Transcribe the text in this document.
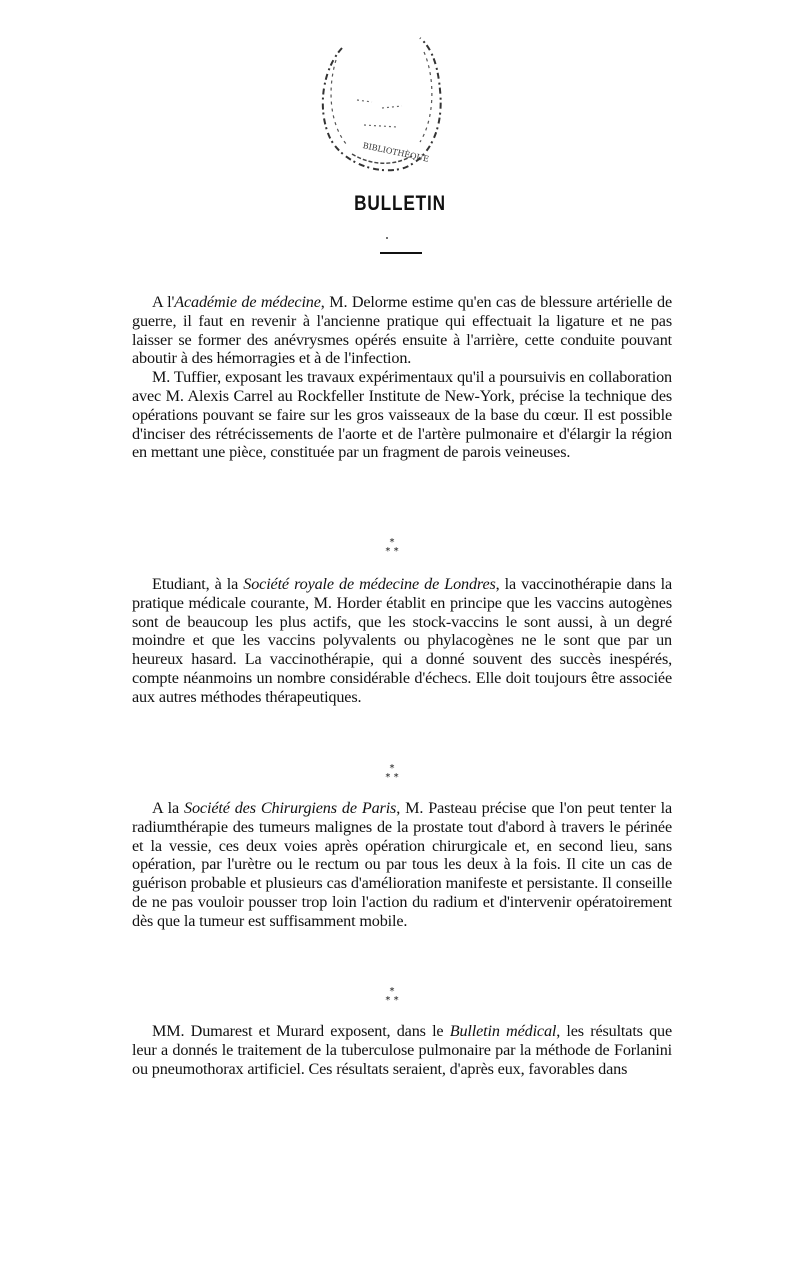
BIBLIOTHÈQUE
BULLETIN

A l'Académie de médecine, M. Delorme estime qu'en cas de blessure artérielle de guerre, il faut en revenir à l'ancienne pratique qui effectuait la ligature et ne pas laisser se former des anévrysmes opérés ensuite à l'arrière, cette conduite pouvant aboutir à des hémorragies et à de l'infection.

M. Tuffier, exposant les travaux expérimentaux qu'il a poursuivis en collaboration avec M. Alexis Carrel au Rockfeller Institute de New-York, précise la technique des opérations pouvant se faire sur les gros vaisseaux de la base du cœur. Il est possible d'inciser des rétrécissements de l'aorte et de l'artère pulmonaire et d'élargir la région en mettant une pièce, constituée par un fragment de parois veineuses.

*
* *

Etudiant, à la Société royale de médecine de Londres, la vaccinothérapie dans la pratique médicale courante, M. Horder établit en principe que les vaccins autogènes sont de beaucoup les plus actifs, que les stock-vaccins le sont aussi, à un degré moindre et que les vaccins polyvalents ou phylacogènes ne le sont que par un heureux hasard. La vaccinothérapie, qui a donné souvent des succès inespérés, compte néanmoins un nombre considérable d'échecs. Elle doit toujours être associée aux autres méthodes thérapeutiques.

*
* *

A la Société des Chirurgiens de Paris, M. Pasteau précise que l'on peut tenter la radiumthérapie des tumeurs malignes de la prostate tout d'abord à travers le périnée et la vessie, ces deux voies après opération chirurgicale et, en second lieu, sans opération, par l'urètre ou le rectum ou par tous les deux à la fois. Il cite un cas de guérison probable et plusieurs cas d'amélioration manifeste et persistante. Il conseille de ne pas vouloir pousser trop loin l'action du radium et d'intervenir opératoirement dès que la tumeur est suffisamment mobile.

*
* *

MM. Dumarest et Murard exposent, dans le Bulletin médical, les résultats que leur a donnés le traitement de la tuberculose pulmonaire par la méthode de Forlanini ou pneumothorax artificiel. Ces résultats seraient, d'après eux, favorables dans
